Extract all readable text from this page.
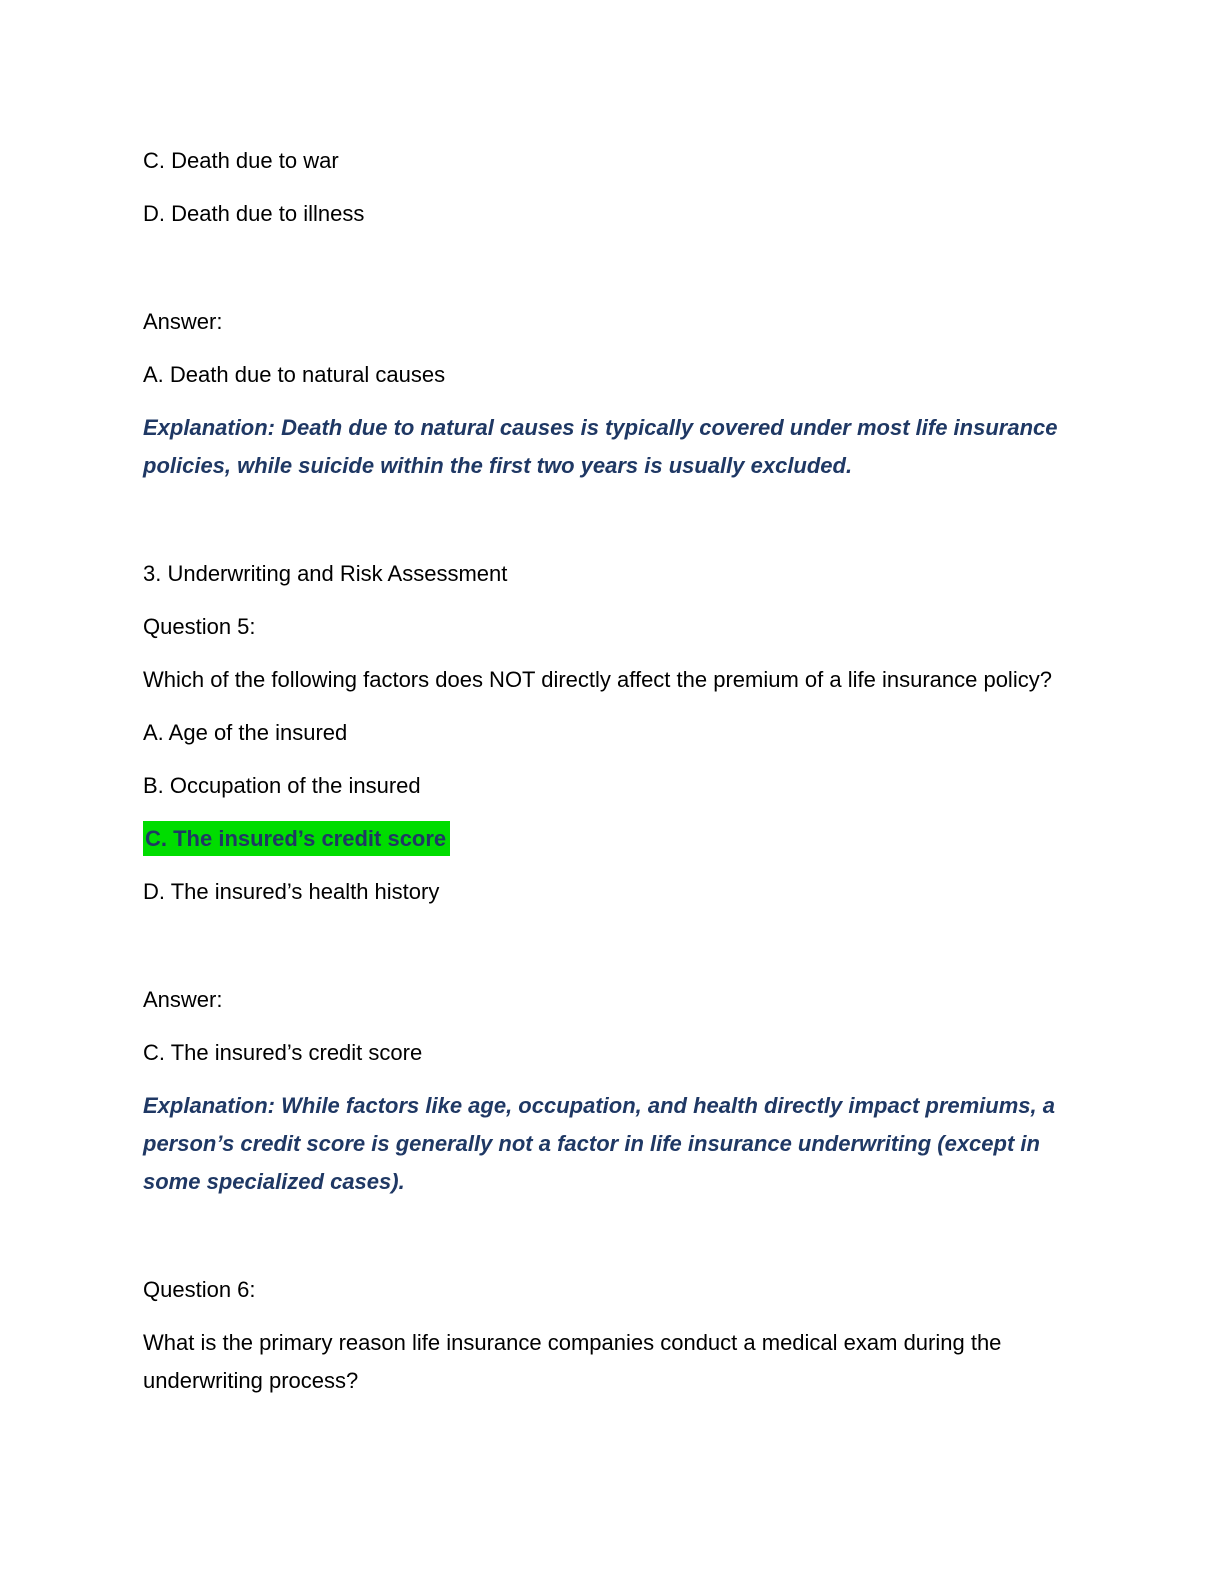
C. Death due to war

D. Death due to illness

Answer:

A. Death due to natural causes

Explanation: Death due to natural causes is typically covered under most life insurance policies, while suicide within the first two years is usually excluded.

3. Underwriting and Risk Assessment

Question 5:

Which of the following factors does NOT directly affect the premium of a life insurance policy?

A. Age of the insured

B. Occupation of the insured

C. The insured’s credit score

D. The insured’s health history

Answer:

C. The insured’s credit score

Explanation: While factors like age, occupation, and health directly impact premiums, a person’s credit score is generally not a factor in life insurance underwriting (except in some specialized cases).

Question 6:

What is the primary reason life insurance companies conduct a medical exam during the underwriting process?
